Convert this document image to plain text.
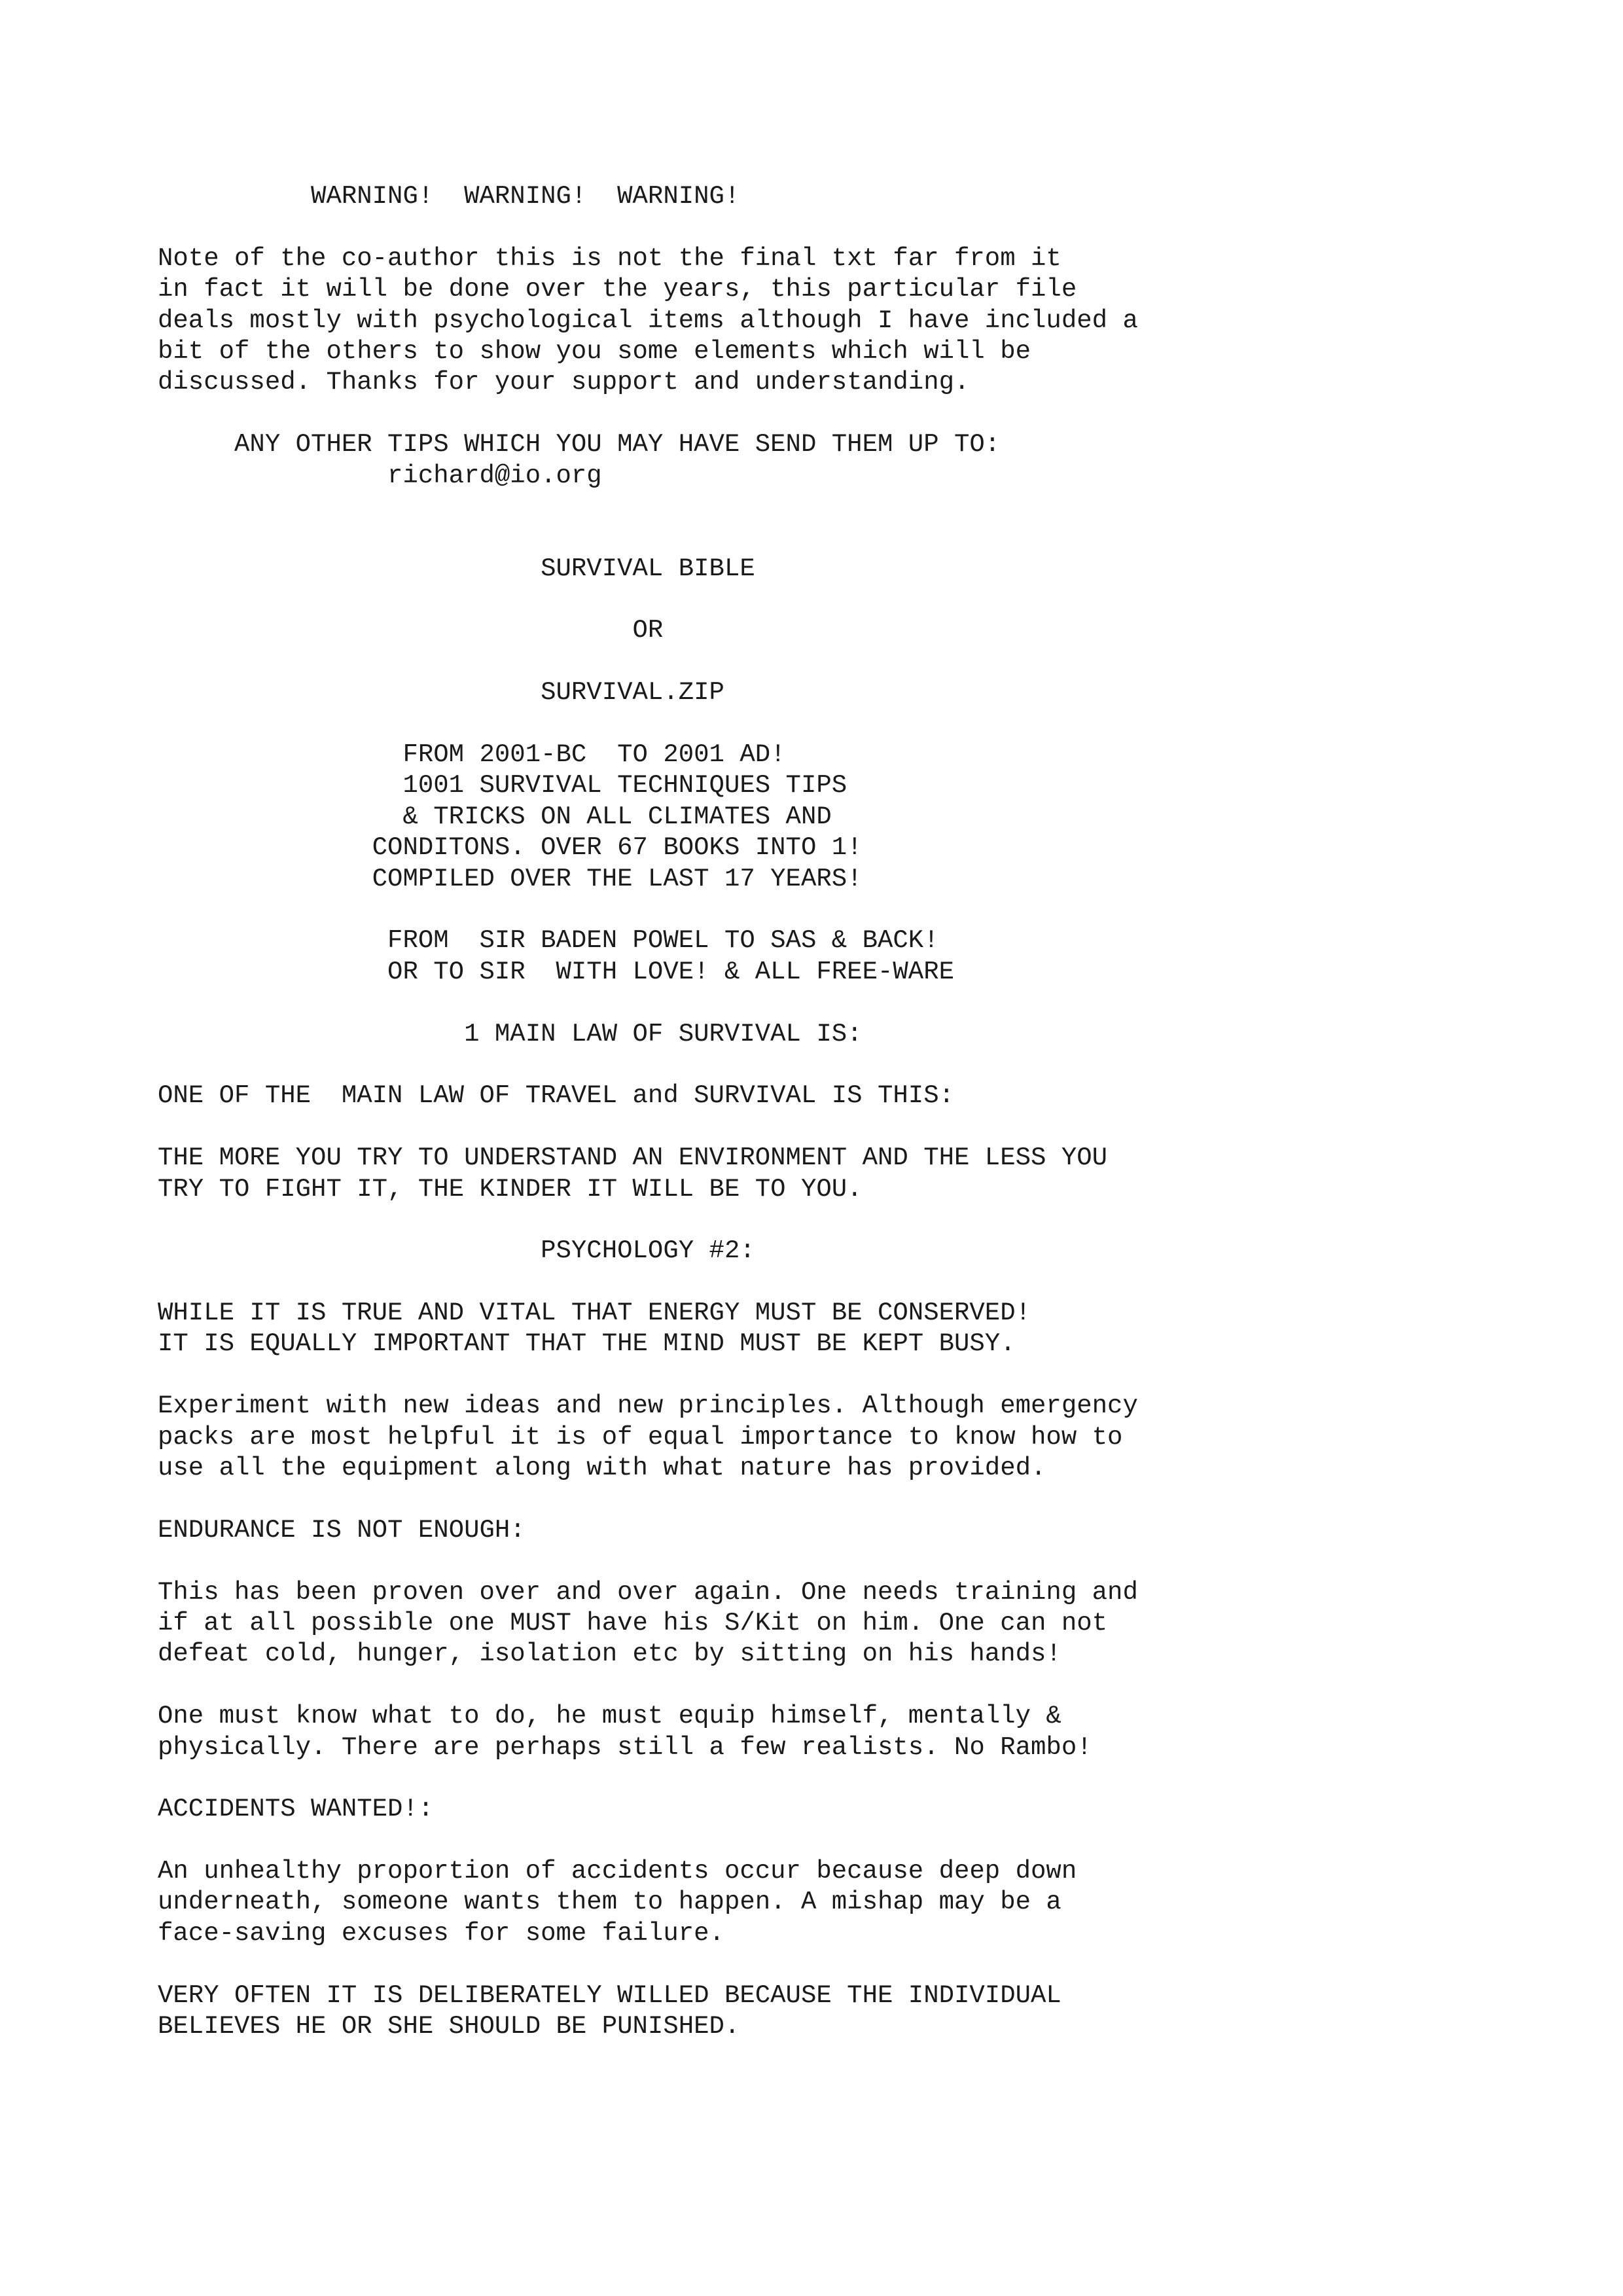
WARNING!  WARNING!  WARNING!
Note of the co-author this is not the final txt far from it
in fact it will be done over the years, this particular file
deals mostly with psychological items although I have included a
bit of the others to show you some elements which will be
discussed. Thanks for your support and understanding.
ANY OTHER TIPS WHICH YOU MAY HAVE SEND THEM UP TO:
richard@io.org
SURVIVAL BIBLE
OR
SURVIVAL.ZIP
FROM 2001-BC  TO 2001 AD!
1001 SURVIVAL TECHNIQUES TIPS
& TRICKS ON ALL CLIMATES AND
CONDITONS. OVER 67 BOOKS INTO 1!
COMPILED OVER THE LAST 17 YEARS!
FROM  SIR BADEN POWEL TO SAS & BACK!
OR TO SIR  WITH LOVE! & ALL FREE-WARE
1 MAIN LAW OF SURVIVAL IS:
ONE OF THE  MAIN LAW OF TRAVEL and SURVIVAL IS THIS:
THE MORE YOU TRY TO UNDERSTAND AN ENVIRONMENT AND THE LESS YOU
TRY TO FIGHT IT, THE KINDER IT WILL BE TO YOU.
PSYCHOLOGY #2:
WHILE IT IS TRUE AND VITAL THAT ENERGY MUST BE CONSERVED!
IT IS EQUALLY IMPORTANT THAT THE MIND MUST BE KEPT BUSY.
Experiment with new ideas and new principles. Although emergency
packs are most helpful it is of equal importance to know how to
use all the equipment along with what nature has provided.
ENDURANCE IS NOT ENOUGH:
This has been proven over and over again. One needs training and
if at all possible one MUST have his S/Kit on him. One can not
defeat cold, hunger, isolation etc by sitting on his hands!
One must know what to do, he must equip himself, mentally &
physically. There are perhaps still a few realists. No Rambo!
ACCIDENTS WANTED!:
An unhealthy proportion of accidents occur because deep down
underneath, someone wants them to happen. A mishap may be a
face-saving excuses for some failure.
VERY OFTEN IT IS DELIBERATELY WILLED BECAUSE THE INDIVIDUAL
BELIEVES HE OR SHE SHOULD BE PUNISHED.
